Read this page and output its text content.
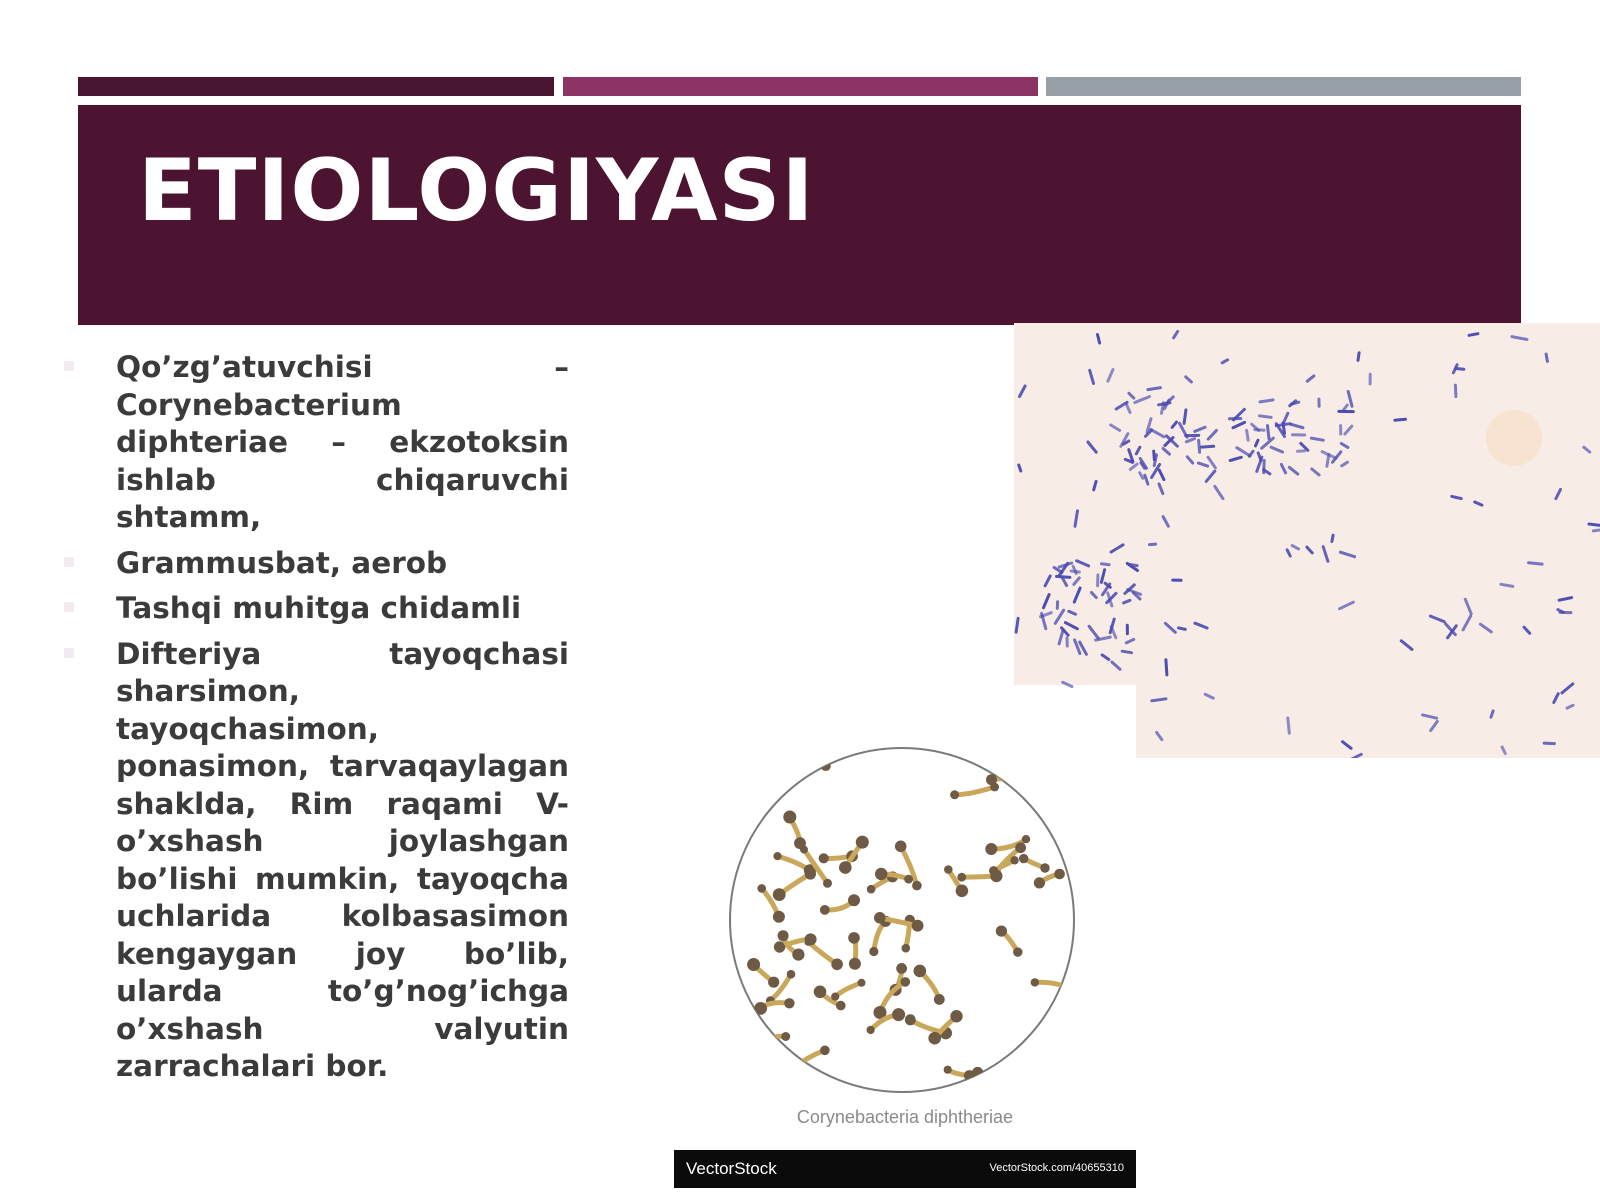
ETIOLOGIYASI
Qo’zg’atuvchisi – Corynebacterium diphteriae – ekzotoksin ishlab chiqaruvchi shtamm,
Grammusbat, aerob
Tashqi muhitga chidamli
Difteriya tayoqchasi sharsimon, tayoqchasimon, ponasimon, tarvaqaylagan shaklda, Rim raqami V-o’xshash joylashgan bo’lishi mumkin, tayoqcha uchlarida kolbasasimon kengaygan joy bo’lib, ularda to’g’nog’ichga o’xshash valyutin zarrachalari bor.
Corynebacteria diphtheriae
VectorStock	VectorStock.com/40655310
